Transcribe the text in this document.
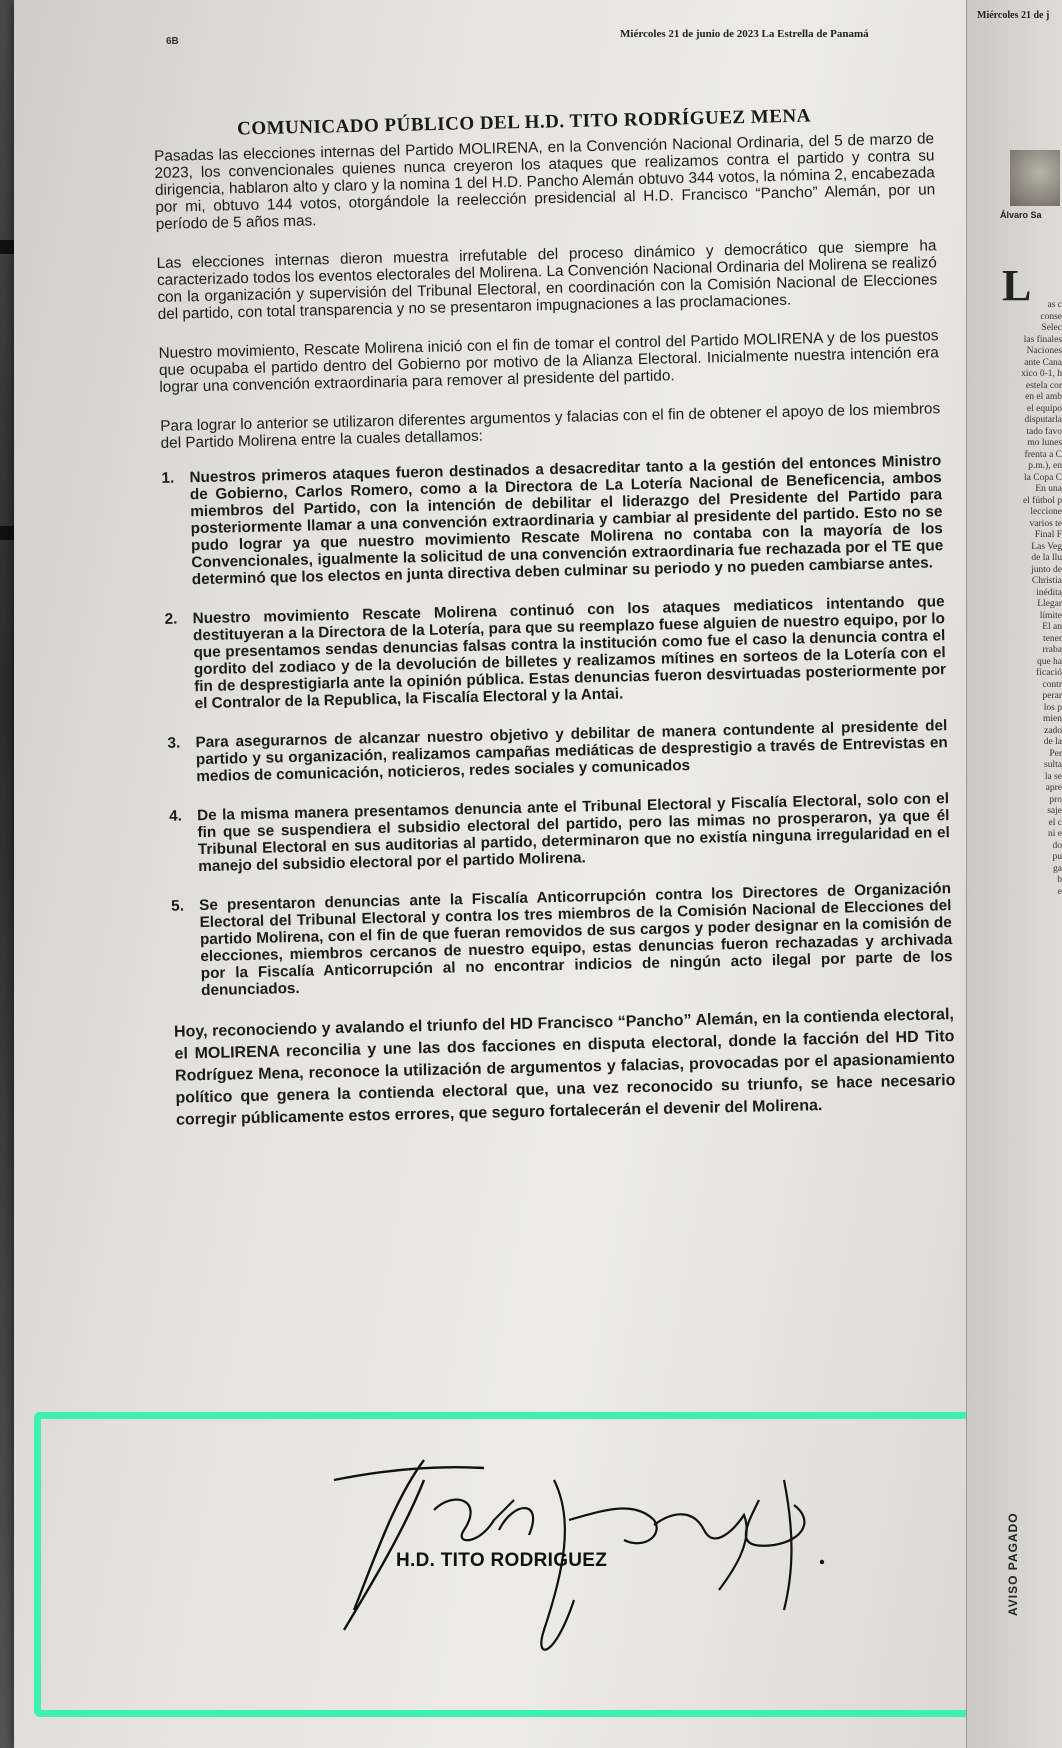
6B
Miércoles 21 de junio de 2023 La Estrella de Panamá
COMUNICADO PÚBLICO DEL H.D. TITO RODRÍGUEZ MENA

Pasadas las elecciones internas del Partido MOLIRENA, en la Convención Nacional Ordinaria, del 5 de marzo de 2023, los convencionales quienes nunca creyeron los ataques que realizamos contra el partido y contra su dirigencia, hablaron alto y claro y la nomina 1 del H.D. Pancho Alemán obtuvo 344 votos, la nómina 2, encabezada por mi, obtuvo 144 votos, otorgándole la reelección presidencial al H.D. Francisco “Pancho” Alemán, por un período de 5 años mas.

Las elecciones internas dieron muestra irrefutable del proceso dinámico y democrático que siempre ha caracterizado todos los eventos electorales del Molirena. La Convención Nacional Ordinaria del Molirena se realizó con la organización y supervisión del Tribunal Electoral, en coordinación con la Comisión Nacional de Elecciones del partido, con total transparencia y no se presentaron impugnaciones a las proclamaciones.

Nuestro movimiento, Rescate Molirena inició con el fin de tomar el control del Partido MOLIRENA y de los puestos que ocupaba el partido dentro del Gobierno por motivo de la Alianza Electoral. Inicialmente nuestra intención era lograr una convención extraordinaria para remover al presidente del partido.

Para lograr lo anterior se utilizaron diferentes argumentos y falacias con el fin de obtener el apoyo de los miembros del Partido Molirena entre la cuales detallamos:

1. Nuestros primeros ataques fueron destinados a desacreditar tanto a la gestión del entonces Ministro de Gobierno, Carlos Romero, como a la Directora de La Lotería Nacional de Beneficencia, ambos miembros del Partido, con la intención de debilitar el liderazgo del Presidente del Partido para posteriormente llamar a una convención extraordinaria y cambiar al presidente del partido. Esto no se pudo lograr ya que nuestro movimiento Rescate Molirena no contaba con la mayoría de los Convencionales, igualmente la solicitud de una convención extraordinaria fue rechazada por el TE que determinó que los electos en junta directiva deben culminar su periodo y no pueden cambiarse antes.
2. Nuestro movimiento Rescate Molirena continuó con los ataques mediaticos intentando que destituyeran a la Directora de la Lotería, para que su reemplazo fuese alguien de nuestro equipo, por lo que presentamos sendas denuncias falsas contra la institución como fue el caso la denuncia contra el gordito del zodiaco y de la devolución de billetes y realizamos mítines en sorteos de la Lotería con el fin de desprestigiarla ante la opinión pública. Estas denuncias fueron desvirtuadas posteriormente por el Contralor de la Republica, la Fiscalía Electoral y la Antai.
3. Para asegurarnos de alcanzar nuestro objetivo y debilitar de manera contundente al presidente del partido y su organización, realizamos campañas mediáticas de desprestigio a través de Entrevistas en medios de comunicación, noticieros, redes sociales y comunicados
4. De la misma manera presentamos denuncia ante el Tribunal Electoral y Fiscalía Electoral, solo con el fin que se suspendiera el subsidio electoral del partido, pero las mimas no prosperaron, ya que él Tribunal Electoral en sus auditorias al partido, determinaron que no existía ninguna irregularidad en el manejo del subsidio electoral por el partido Molirena.
5. Se presentaron denuncias ante la Fiscalía Anticorrupción contra los Directores de Organización Electoral del Tribunal Electoral y contra los tres miembros de la Comisión Nacional de Elecciones del partido Molirena, con el fin de que fueran removidos de sus cargos y poder designar en la comisión de elecciones, miembros cercanos de nuestro equipo, estas denuncias fueron rechazadas y archivada por la Fiscalía Anticorrupción al no encontrar indicios de ningún acto ilegal por parte de los denunciados.

Hoy, reconociendo y avalando el triunfo del HD Francisco “Pancho” Alemán, en la contienda electoral, el MOLIRENA reconcilia y une las dos facciones en disputa electoral, donde la facción del HD Tito Rodríguez Mena, reconoce la utilización de argumentos y falacias, provocadas por el apasionamiento político que genera la contienda electoral que, una vez reconocido su triunfo, se hace necesario corregir públicamente estos errores, que seguro fortalecerán el devenir del Molirena.

H.D. TITO RODRIGUEZ
Miércoles 21 de j
Álvaro Sa
L	as c
conse
Selec
las finales
Naciones
ante Cana
xico 0-1, h
estela cor
en el amb
el equipo
disputarla
tado favo
mo lunes
frenta a C
p.m.), en
la Copa C
En una
el fútbol p
leccione
varios te
Final F
Las Veg
de la llu
junto de
Christia
inédita
Llegar
límite
El an
tener
rraba
que ha
ficació
contr
perar
los p
mien
zado
de la
Per
sulta
la se
apre
pro
saje
el c
ni e
do
pu
ga
b
e
AVISO PAGADO
